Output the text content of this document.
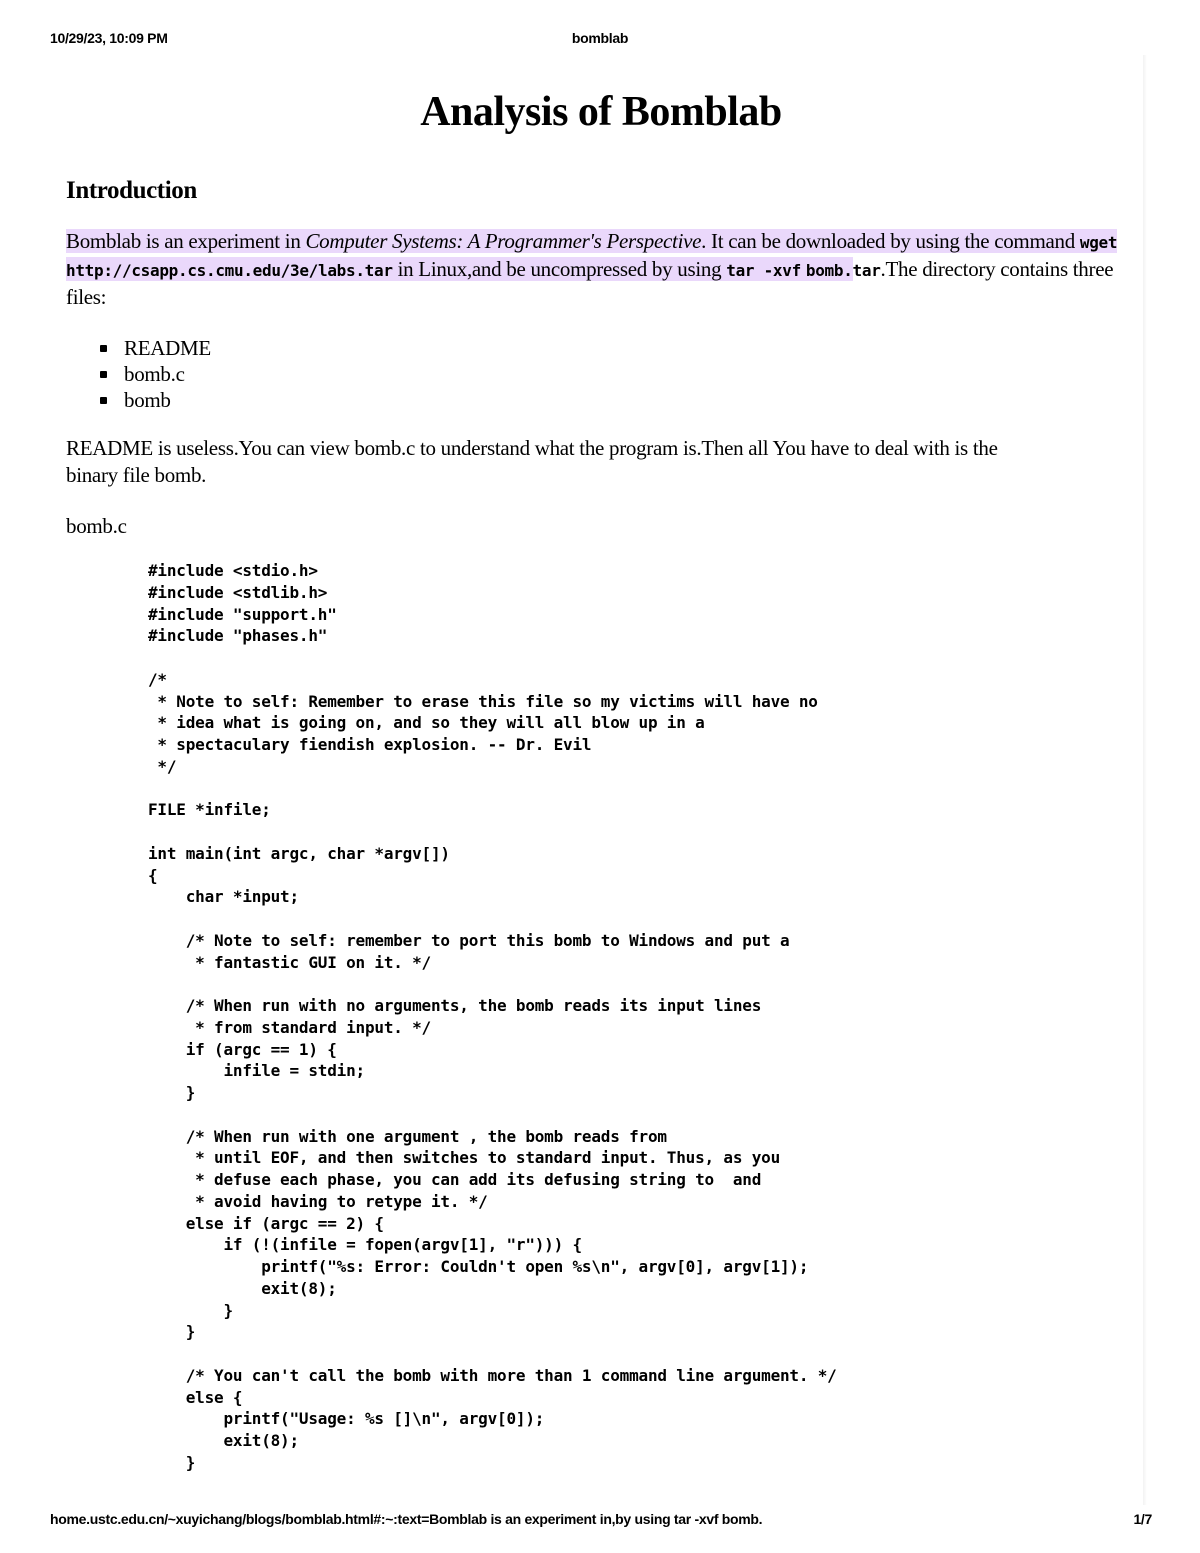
10/29/23, 10:09 PM	bomblab
Analysis of Bomblab
Introduction

Bomblab is an experiment in Computer Systems: A Programmer's Perspective. It can be downloaded by using the command wget http://csapp.cs.cmu.edu/3e/labs.tar in Linux,and be uncompressed by using tar -xvf bomb.tar.The directory contains three files:

README
bomb.c
bomb

README is useless.You can view bomb.c to understand what the program is.Then all You have to deal with is the
binary file bomb.

bomb.c

#include <stdio.h>
#include <stdlib.h>
#include "support.h"
#include "phases.h"

/*
* Note to self: Remember to erase this file so my victims will have no
* idea what is going on, and so they will all blow up in a
* spectaculary fiendish explosion. -- Dr. Evil
*/

FILE *infile;

int main(int argc, char *argv[])
{
char *input;

/* Note to self: remember to port this bomb to Windows and put a
* fantastic GUI on it. */

/* When run with no arguments, the bomb reads its input lines
* from standard input. */
if (argc == 1) {
infile = stdin;
}

/* When run with one argument , the bomb reads from
* until EOF, and then switches to standard input. Thus, as you
* defuse each phase, you can add its defusing string to  and
* avoid having to retype it. */
else if (argc == 2) {
if (!(infile = fopen(argv[1], "r"))) {
printf("%s: Error: Couldn't open %s\n", argv[0], argv[1]);
exit(8);
}
}

/* You can't call the bomb with more than 1 command line argument. */
else {
printf("Usage: %s []\n", argv[0]);
exit(8);
}
home.ustc.edu.cn/~xuyichang/blogs/bomblab.html#:~:text=Bomblab is an experiment in,by using tar -xvf bomb.	1/7
